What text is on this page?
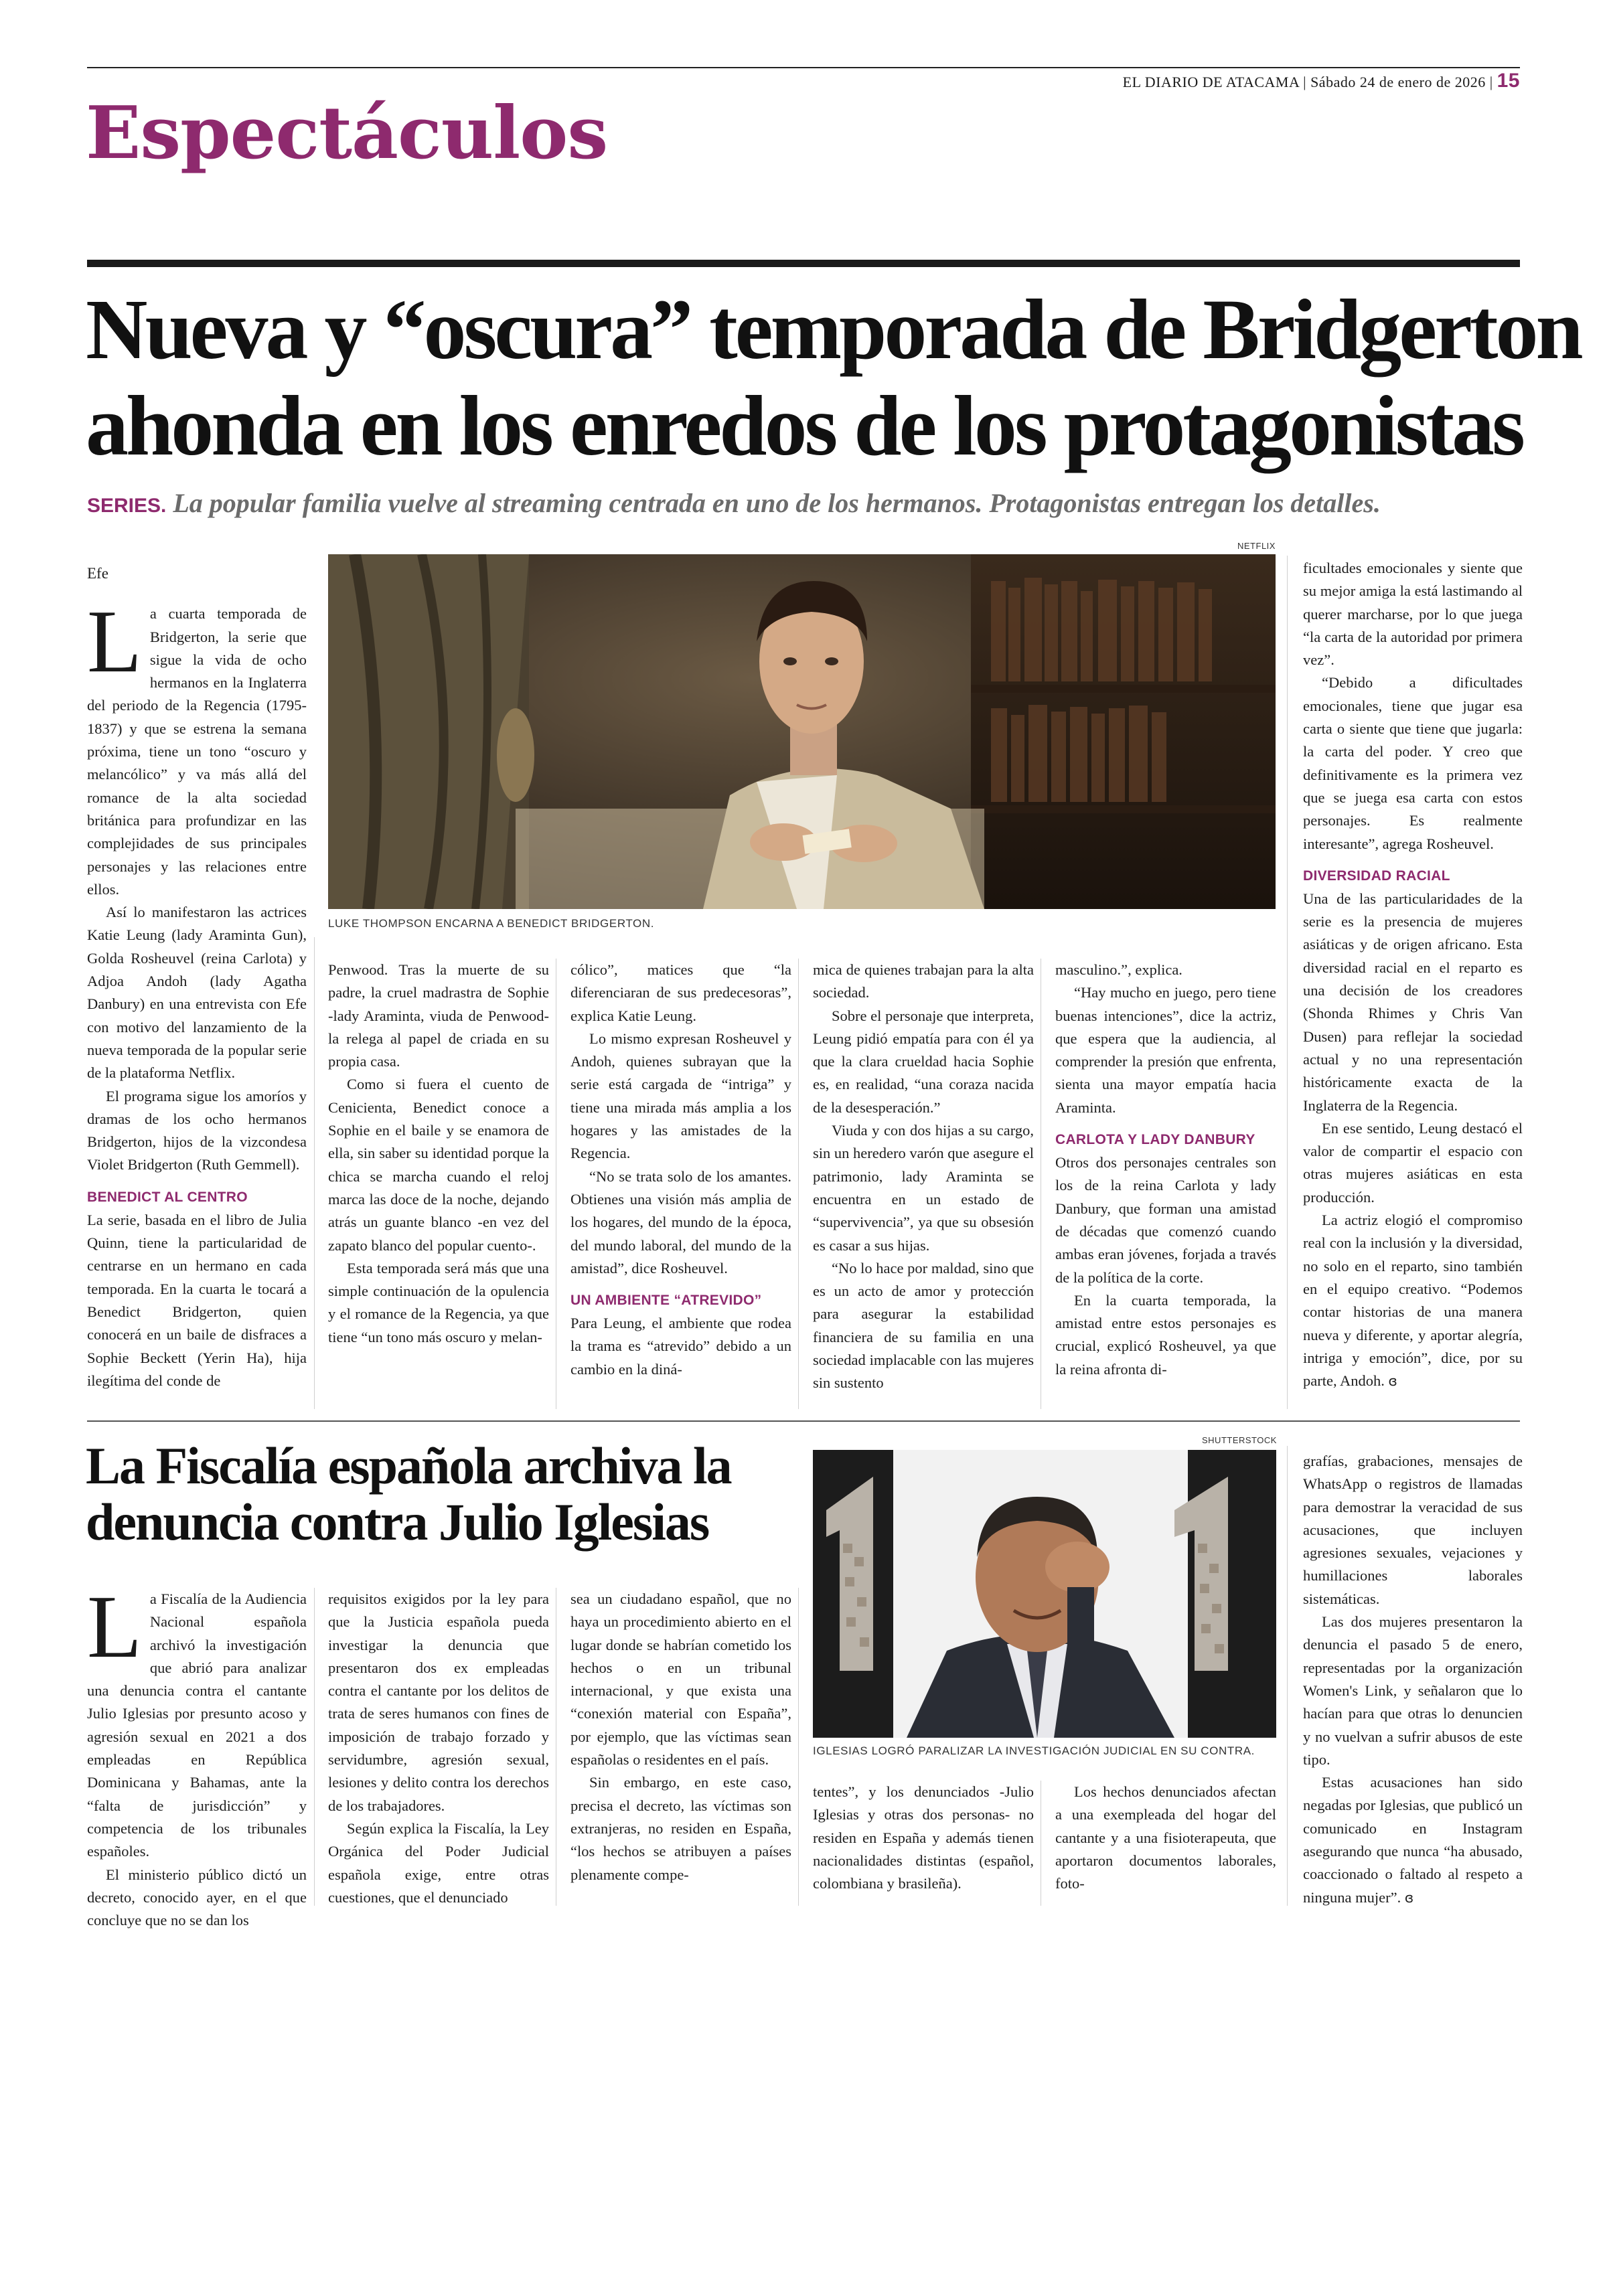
EL DIARIO DE ATACAMA | Sábado 24 de enero de 2026 | 15
Espectáculos
Nueva y “oscura” temporada de Bridgerton
ahonda en los enredos de los protagonistas
SERIES. La popular familia vuelve al streaming centrada en uno de los hermanos. Protagonistas entregan los detalles.
NETFLIX
LUKE THOMPSON ENCARNA A BENEDICT BRIDGERTON.

Efe

La cuarta temporada de Bridgerton, la serie que sigue la vida de ocho hermanos en la Inglaterra del periodo de la Regencia (1795-1837) y que se estrena la semana próxima, tiene un tono “oscuro y melancólico” y va más allá del romance de la alta sociedad británica para profundizar en las complejidades de sus principales personajes y las relaciones entre ellos.

Así lo manifestaron las actrices Katie Leung (lady Araminta Gun), Golda Rosheuvel (reina Carlota) y Adjoa Andoh (lady Agatha Danbury) en una entrevista con Efe con motivo del lanzamiento de la nueva temporada de la popular serie de la plataforma Netflix.

El programa sigue los amoríos y dramas de los ocho hermanos Bridgerton, hijos de la vizcondesa Violet Bridgerton (Ruth Gemmell).

BENEDICT AL CENTRO

La serie, basada en el libro de Julia Quinn, tiene la particularidad de centrarse en un hermano en cada temporada. En la cuarta le tocará a Benedict Bridgerton, quien conocerá en un baile de disfraces a Sophie Beckett (Yerin Ha), hija ilegítima del conde de

Penwood. Tras la muerte de su padre, la cruel madrastra de Sophie -lady Araminta, viuda de Penwood- la relega al papel de criada en su propia casa.

Como si fuera el cuento de Cenicienta, Benedict conoce a Sophie en el baile y se enamora de ella, sin saber su identidad porque la chica se marcha cuando el reloj marca las doce de la noche, dejando atrás un guante blanco -en vez del zapato blanco del popular cuento-.

Esta temporada será más que una simple continuación de la opulencia y el romance de la Regencia, ya que tiene “un tono más oscuro y melan-

cólico”, matices que “la diferenciaran de sus predecesoras”, explica Katie Leung.

Lo mismo expresan Rosheuvel y Andoh, quienes subrayan que la serie está cargada de “intriga” y tiene una mirada más amplia a los hogares y las amistades de la Regencia.

“No se trata solo de los amantes. Obtienes una visión más amplia de los hogares, del mundo de la época, del mundo laboral, del mundo de la amistad”, dice Rosheuvel.

UN AMBIENTE “ATREVIDO”

Para Leung, el ambiente que rodea la trama es “atrevido” debido a un cambio en la diná-

mica de quienes trabajan para la alta sociedad.

Sobre el personaje que interpreta, Leung pidió empatía para con él ya que la clara crueldad hacia Sophie es, en realidad, “una coraza nacida de la desesperación.”

Viuda y con dos hijas a su cargo, sin un heredero varón que asegure el patrimonio, lady Araminta se encuentra en un estado de “supervivencia”, ya que su obsesión es casar a sus hijas.

“No lo hace por maldad, sino que es un acto de amor y protección para asegurar la estabilidad financiera de su familia en una sociedad implacable con las mujeres sin sustento

masculino.”, explica.

“Hay mucho en juego, pero tiene buenas intenciones”, dice la actriz, que espera que la audiencia, al comprender la presión que enfrenta, sienta una mayor empatía hacia Araminta.

CARLOTA Y LADY DANBURY

Otros dos personajes centrales son los de la reina Carlota y lady Danbury, que forman una amistad de décadas que comenzó cuando ambas eran jóvenes, forjada a través de la política de la corte.

En la cuarta temporada, la amistad entre estos personajes es crucial, explicó Rosheuvel, ya que la reina afronta di-

ficultades emocionales y siente que su mejor amiga la está lastimando al querer marcharse, por lo que juega “la carta de la autoridad por primera vez”.

“Debido a dificultades emocionales, tiene que jugar esa carta o siente que tiene que jugarla: la carta del poder. Y creo que definitivamente es la primera vez que se juega esa carta con estos personajes. Es realmente interesante”, agrega Rosheuvel.

DIVERSIDAD RACIAL

Una de las particularidades de la serie es la presencia de mujeres asiáticas y de origen africano. Esta diversidad racial en el reparto es una decisión de los creadores (Shonda Rhimes y Chris Van Dusen) para reflejar la sociedad actual y no una representación históricamente exacta de la Inglaterra de la Regencia.

En ese sentido, Leung destacó el valor de compartir el espacio con otras mujeres asiáticas en esta producción.

La actriz elogió el compromiso real con la inclusión y la diversidad, no solo en el reparto, sino también en el equipo creativo. “Podemos contar historias de una manera nueva y diferente, y aportar alegría, intriga y emoción”, dice, por su parte, Andoh. ɞ

La Fiscalía española archiva la
denuncia contra Julio Iglesias
SHUTTERSTOCK
IGLESIAS LOGRÓ PARALIZAR LA INVESTIGACIÓN JUDICIAL EN SU CONTRA.

La Fiscalía de la Audiencia Nacional española archivó la investigación que abrió para analizar una denuncia contra el cantante Julio Iglesias por presunto acoso y agresión sexual en 2021 a dos empleadas en República Dominicana y Bahamas, ante la “falta de jurisdicción” y competencia de los tribunales españoles.

El ministerio público dictó un decreto, conocido ayer, en el que concluye que no se dan los

requisitos exigidos por la ley para que la Justicia española pueda investigar la denuncia que presentaron dos ex empleadas contra el cantante por los delitos de trata de seres humanos con fines de imposición de trabajo forzado y servidumbre, agresión sexual, lesiones y delito contra los derechos de los trabajadores.

Según explica la Fiscalía, la Ley Orgánica del Poder Judicial española exige, entre otras cuestiones, que el denunciado

sea un ciudadano español, que no haya un procedimiento abierto en el lugar donde se habrían cometido los hechos o en un tribunal internacional, y que exista una “conexión material con España”, por ejemplo, que las víctimas sean españolas o residentes en el país.

Sin embargo, en este caso, precisa el decreto, las víctimas son extranjeras, no residen en España, “los hechos se atribuyen a países plenamente compe-

tentes”, y los denunciados -Julio Iglesias y otras dos personas- no residen en España y además tienen nacionalidades distintas (español, colombiana y brasileña).

Los hechos denunciados afectan a una exempleada del hogar del cantante y a una fisioterapeuta, que aportaron documentos laborales, foto-

grafías, grabaciones, mensajes de WhatsApp o registros de llamadas para demostrar la veracidad de sus acusaciones, que incluyen agresiones sexuales, vejaciones y humillaciones laborales sistemáticas.

Las dos mujeres presentaron la denuncia el pasado 5 de enero, representadas por la organización Women's Link, y señalaron que lo hacían para que otras lo denuncien y no vuelvan a sufrir abusos de este tipo.

Estas acusaciones han sido negadas por Iglesias, que publicó un comunicado en Instagram asegurando que nunca “ha abusado, coaccionado o faltado al respeto a ninguna mujer”. ɞ
